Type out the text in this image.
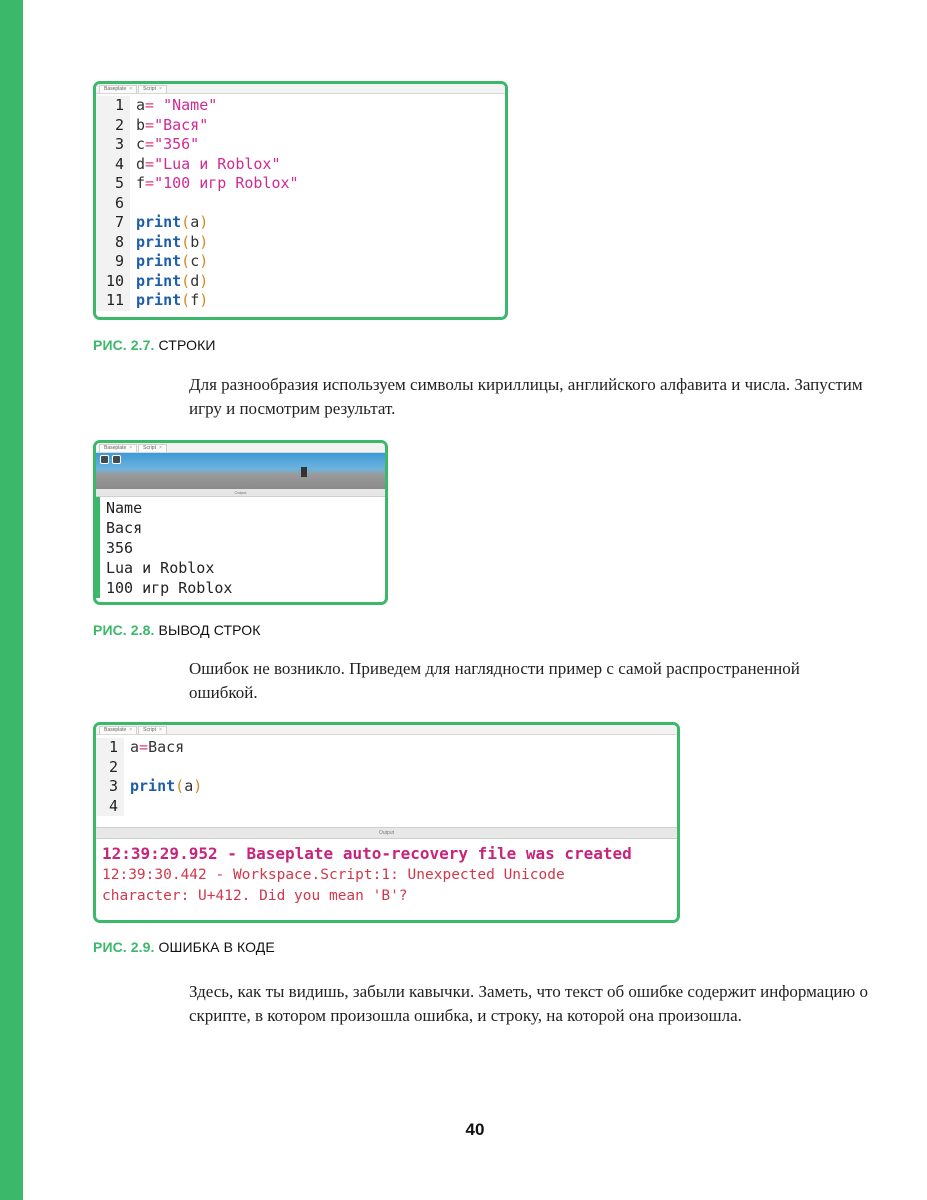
Baseplate ×	Script ×
1 a= "Name"
2 b="Вася"
3 c="356"
4 d="Lua и Roblox"
5 f="100 игр Roblox"
6
7 print(a)
8 print(b)
9 print(c)
10 print(d)
11 print(f)
РИС. 2.7. СТРОКИ
Для разнообразия используем символы кириллицы, английского алфавита и числа. Запустим игру и посмотрим результат.
Baseplate ×	Script ×
Output
Name
Вася
356
Lua и Roblox
100 игр Roblox
РИС. 2.8. ВЫВОД СТРОК
Ошибок не возникло. Приведем для наглядности пример с самой распространенной ошибкой.
Baseplate ×	Script ×
1 a=Вася
2
3 print(a)
4
Output
12:39:29.952 - Baseplate auto-recovery file was created
12:39:30.442 - Workspace.Script:1: Unexpected Unicode
character: U+412. Did you mean 'B'?
РИС. 2.9. ОШИБКА В КОДЕ
Здесь, как ты видишь, забыли кавычки. Заметь, что текст об ошибке содержит информацию о скрипте, в котором произошла ошибка, и строку, на которой она произошла.
40
